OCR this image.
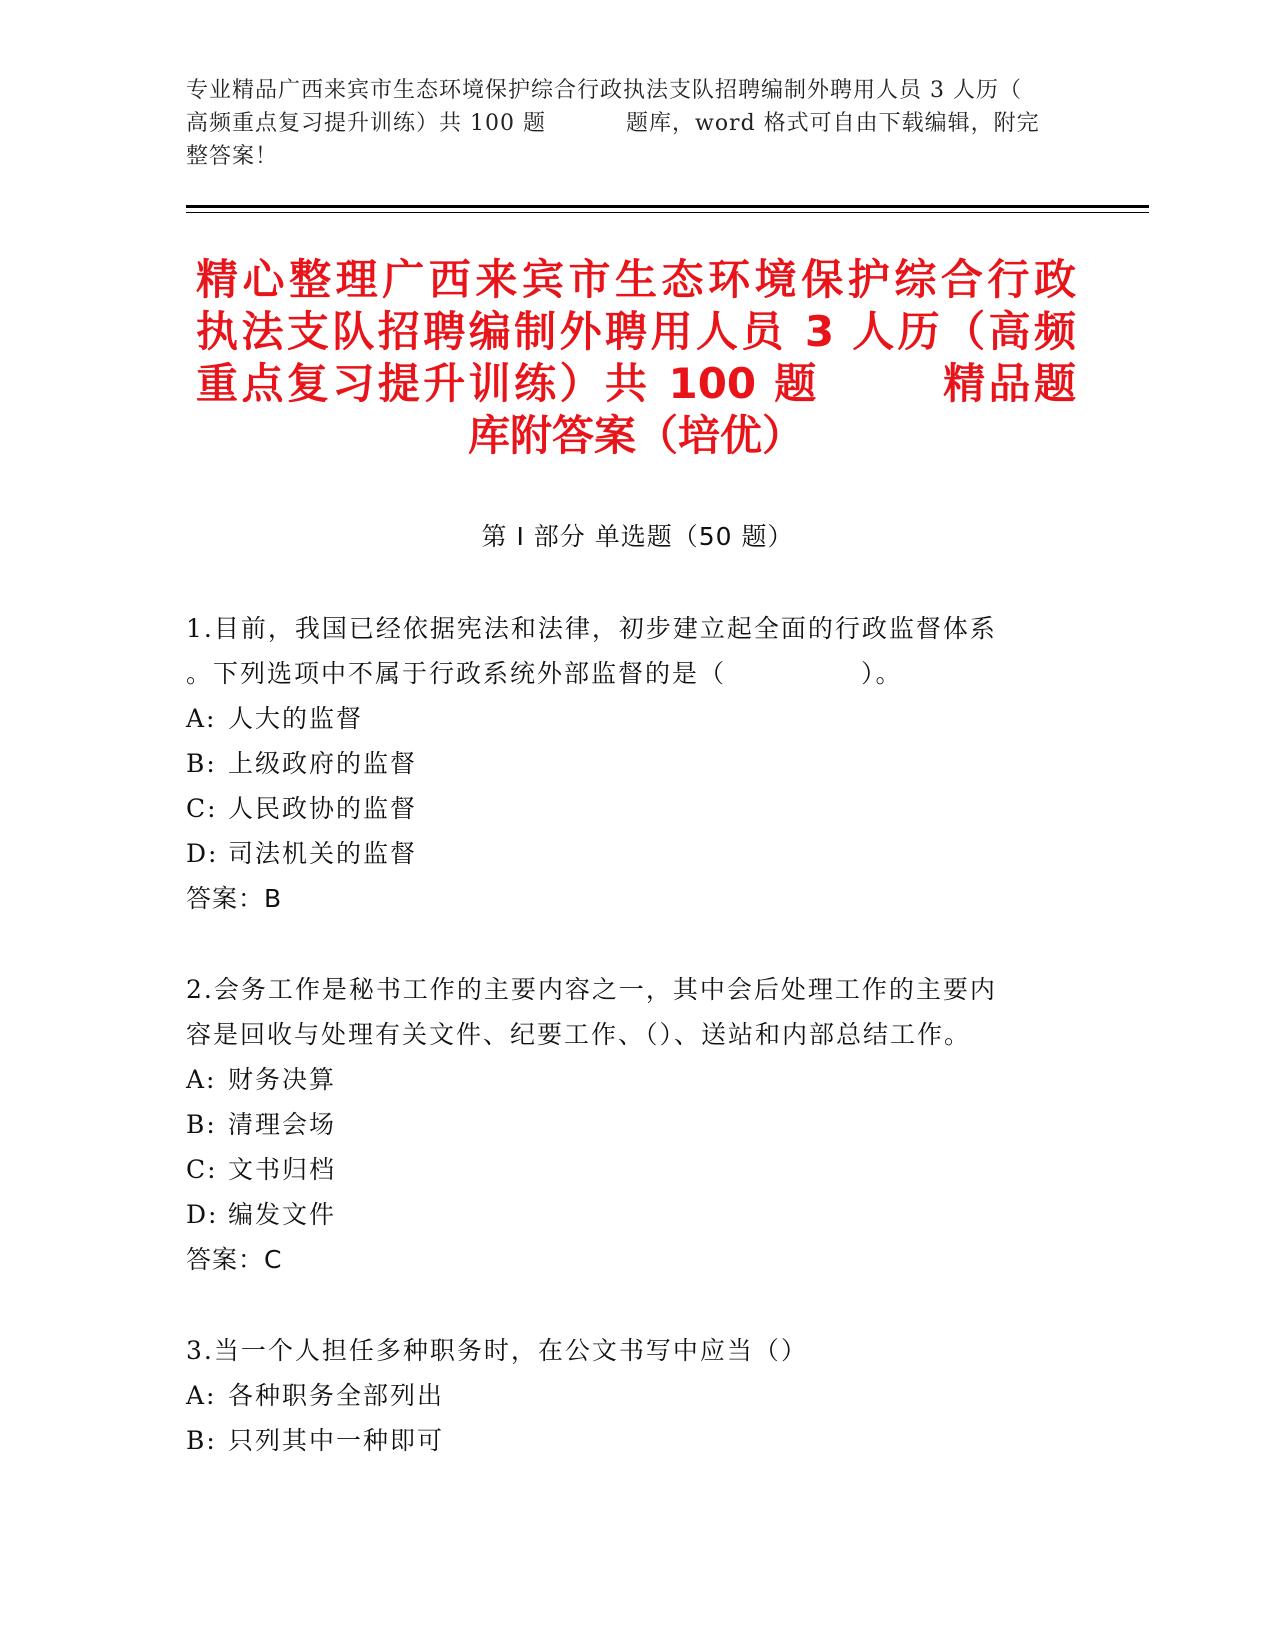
专业精品广西来宾市生态环境保护综合行政执法支队招聘编制外聘用人员 3 人历（
高频重点复习提升训练）共 100 题	题库，word 格式可自由下载编辑，附完
整答案！
精心整理广西来宾市生态环境保护综合行政
执法支队招聘编制外聘用人员 3 人历（高频
重点复习提升训练）共 100 题	精品题
库附答案（培优）
第 I 部分 单选题（50 题）
1.目前，我国已经依据宪法和法律，初步建立起全面的行政监督体系
。下列选项中不属于行政系统外部监督的是（　　　　　）。
A: 人大的监督
B: 上级政府的监督
C: 人民政协的监督
D: 司法机关的监督
答案：B
2.会务工作是秘书工作的主要内容之一，其中会后处理工作的主要内
容是回收与处理有关文件、纪要工作、（）、送站和内部总结工作。
A: 财务决算
B: 清理会场
C: 文书归档
D: 编发文件
答案：C
3.当一个人担任多种职务时，在公文书写中应当（）
A: 各种职务全部列出
B: 只列其中一种即可
